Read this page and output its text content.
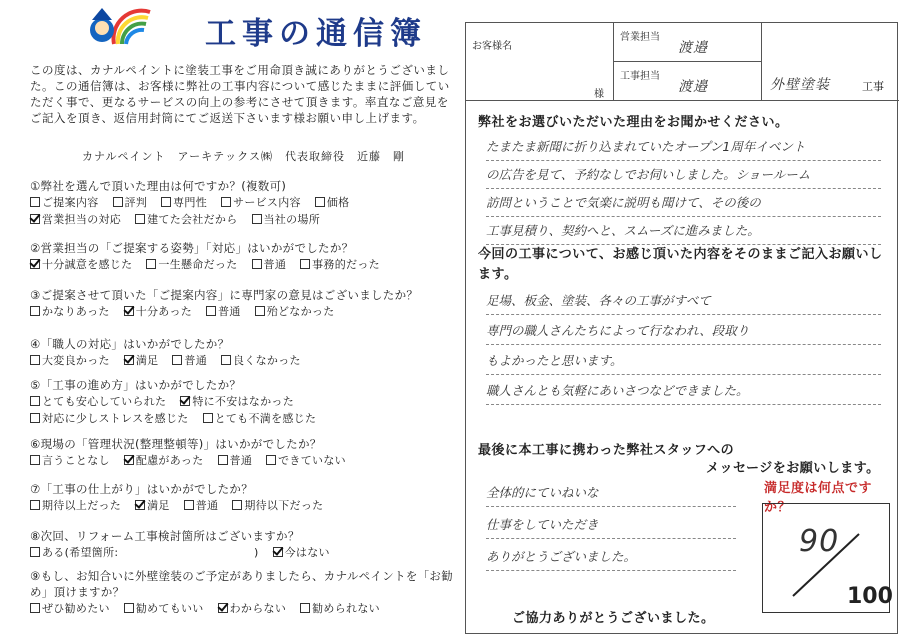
工事の通信簿
この度は、カナルペイントに塗装工事をご用命頂き誠にありがとうございました。この通信簿は、お客様に弊社の工事内容について感じたままに評価していただく事で、更なるサービスの向上の参考にさせて頂きます。率直なご意見をご記入を頂き、返信用封筒にてご返送下さいます様お願い申し上げます。
カナルペイント　アーキテックス㈱　代表取締役　近藤　剛
①弊社を選んで頂いた理由は何ですか？(複数可)
ご提案内容 評判 専門性 サービス内容 価格営業担当の対応 建てた会社だから 当社の場所
②営業担当の「ご提案する姿勢」「対応」はいかがでしたか？
十分誠意を感じた 一生懸命だった 普通 事務的だった
③ご提案させて頂いた「ご提案内容」に専門家の意見はございましたか？
かなりあった 十分あった 普通 殆どなかった
④「職人の対応」はいかがでしたか？
大変良かった 満足 普通 良くなかった
⑤「工事の進め方」はいかがでしたか？
とても安心していられた 特に不安はなかった対応に少しストレスを感じた とても不満を感じた
⑥現場の「管理状況(整理整頓等)」はいかがでしたか？
言うことなし 配慮があった 普通 できていない
⑦「工事の仕上がり」はいかがでしたか？
期待以上だった 満足 普通 期待以下だった
⑧次回、リフォーム工事検討箇所はございますか？
ある(希望箇所:　　　　　　　　　　　　) 今はない
⑨もし、お知合いに外壁塗装のご予定がありましたら、カナルペイントを「お勧め」頂けますか？
ぜひ勧めたい 勧めてもいい わからない 勧められない
お客様名
様
営業担当
渡邉
工事担当
渡邉	外壁塗装	工事
弊社をお選びいただいた理由をお聞かせください。
たまたま新聞に折り込まれていたオープン1周年イベント
の広告を見て、予約なしでお伺いしました。ショールーム
訪問ということで気楽に説明も聞けて、その後の
工事見積り、契約へと、スムーズに進みました。
今回の工事について、お感じ頂いた内容をそのままご記入お願いします。
足場、板金、塗装、各々の工事がすべて
専門の職人さんたちによって行なわれ、段取り
もよかったと思います。
職人さんとも気軽にあいさつなどできました。
最後に本工事に携わった弊社スタッフへの
メッセージをお願いします。
満足度は何点ですか？
全体的にていねいな
仕事をしていただき
ありがとうございました。	90
100
ご協力ありがとうございました。
